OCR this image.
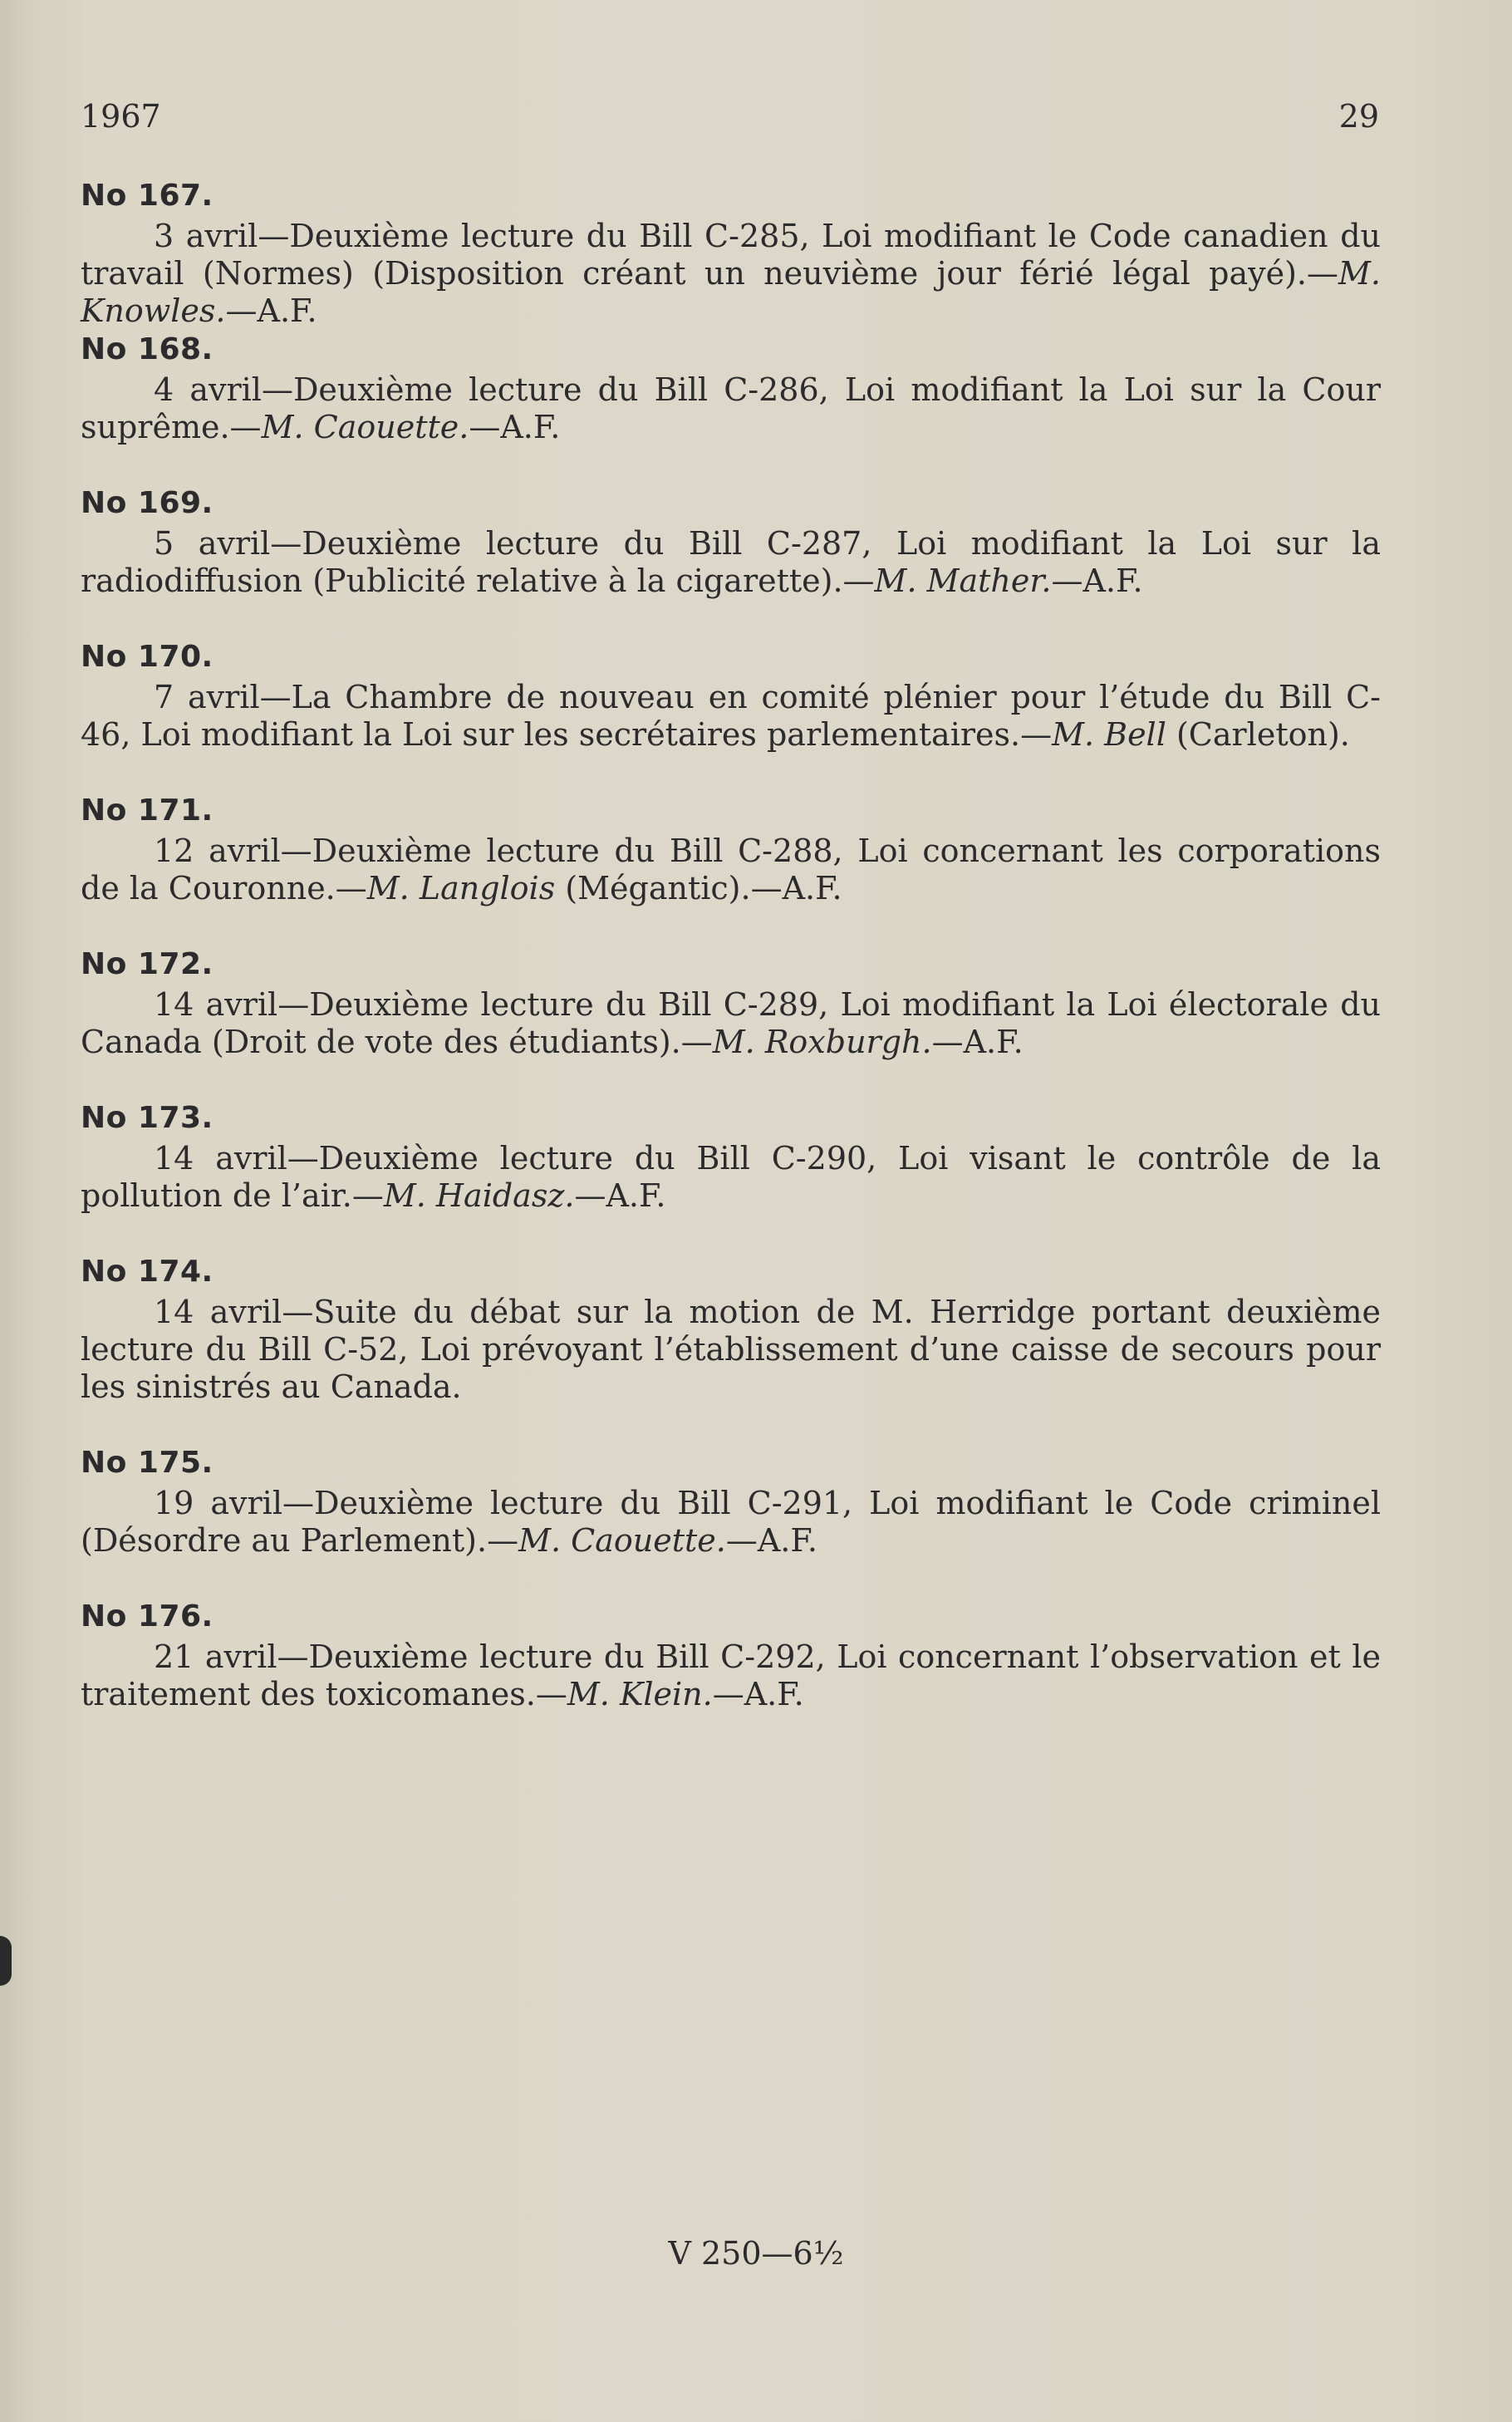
1967	29
No 167.
3 avril—Deuxième lecture du Bill C-285, Loi modifiant le Code canadien du travail (Normes) (Disposition créant un neuvième jour férié légal payé).—M. Knowles.—A.F.
No 168.
4 avril—Deuxième lecture du Bill C-286, Loi modifiant la Loi sur la Cour suprême.—M. Caouette.—A.F.
No 169.
5 avril—Deuxième lecture du Bill C-287, Loi modifiant la Loi sur la radiodiffusion (Publicité relative à la cigarette).—M. Mather.—A.F.
No 170.
7 avril—La Chambre de nouveau en comité plénier pour l’étude du Bill C-46, Loi modifiant la Loi sur les secrétaires parlementaires.—M. Bell (Carleton).
No 171.
12 avril—Deuxième lecture du Bill C-288, Loi concernant les corporations de la Couronne.—M. Langlois (Mégantic).—A.F.
No 172.
14 avril—Deuxième lecture du Bill C-289, Loi modifiant la Loi électorale du Canada (Droit de vote des étudiants).—M. Roxburgh.—A.F.
No 173.
14 avril—Deuxième lecture du Bill C-290, Loi visant le contrôle de la pollution de l’air.—M. Haidasz.—A.F.
No 174.
14 avril—Suite du débat sur la motion de M. Herridge portant deuxième lecture du Bill C-52, Loi prévoyant l’établissement d’une caisse de secours pour les sinistrés au Canada.
No 175.
19 avril—Deuxième lecture du Bill C-291, Loi modifiant le Code criminel (Désordre au Parlement).—M. Caouette.—A.F.
No 176.
21 avril—Deuxième lecture du Bill C-292, Loi concernant l’observation et le traitement des toxicomanes.—M. Klein.—A.F.
V 250—6½
